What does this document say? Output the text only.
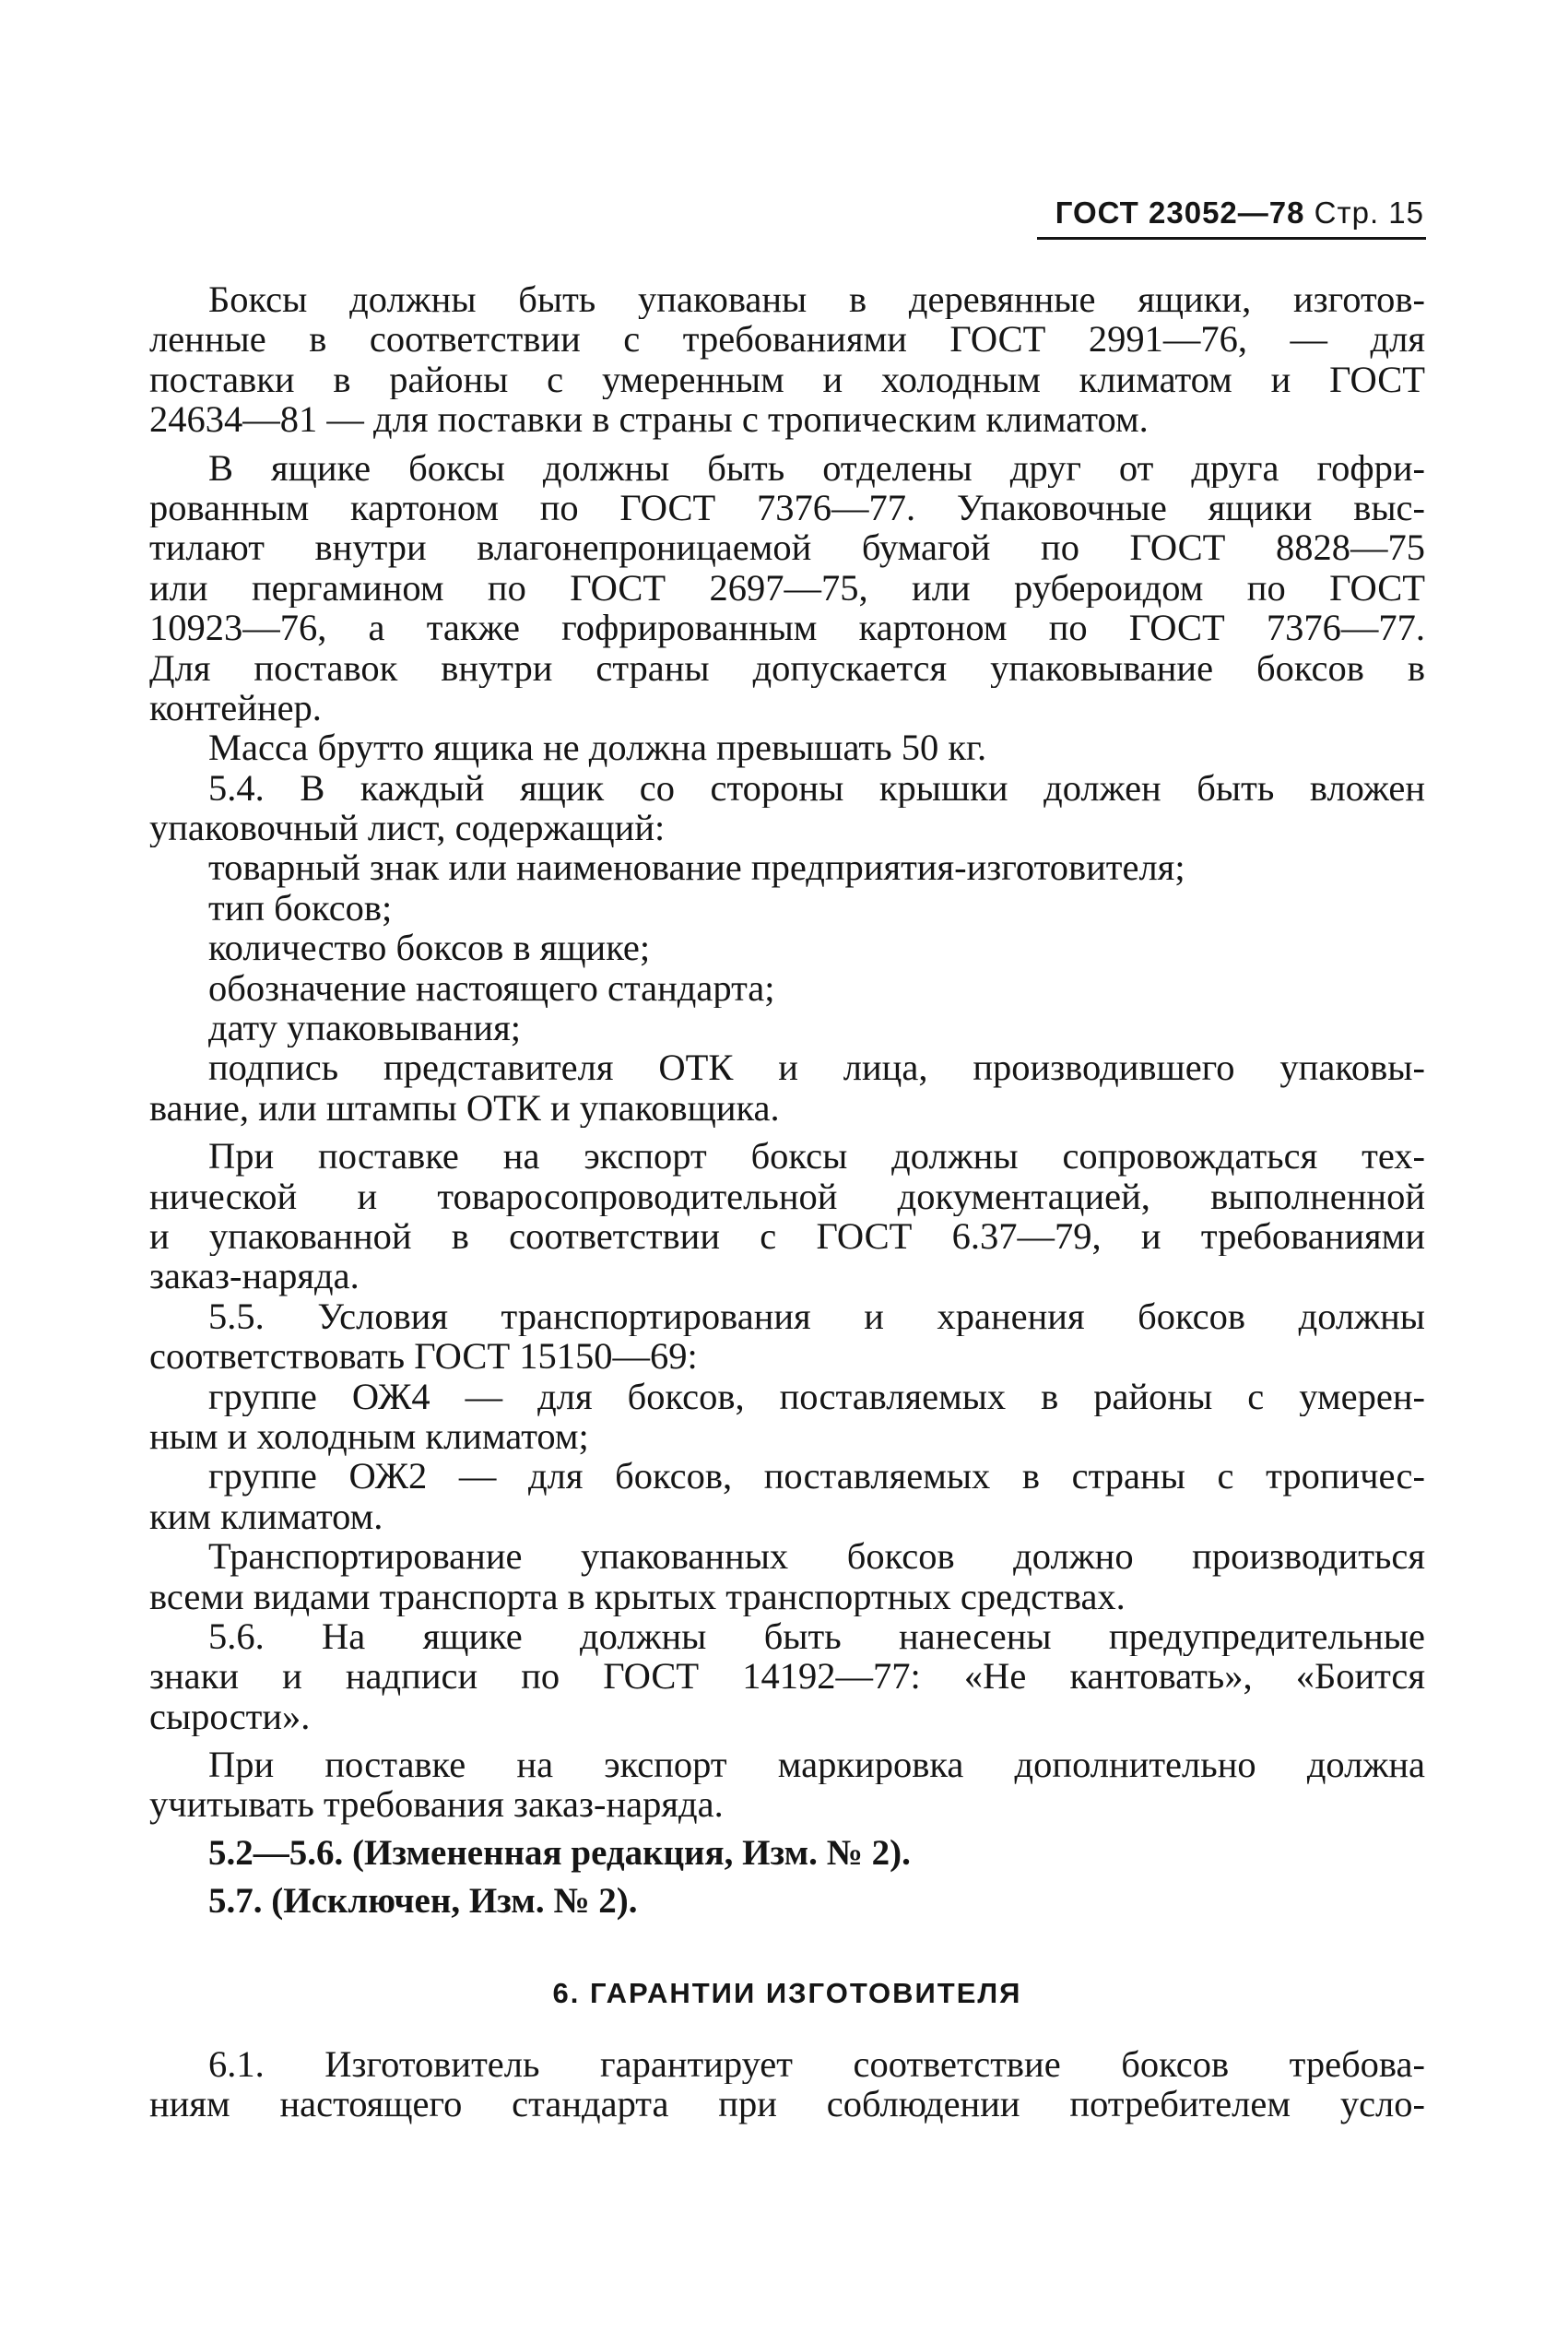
ГОСТ 23052—78 Стр. 15
Боксы должны быть упакованы в деревянные ящики, изготов-
ленные в соответствии с требованиями ГОСТ 2991—76, — для
поставки в районы с умеренным и холодным климатом и ГОСТ
24634—81 — для поставки в страны с тропическим климатом.
В ящике боксы должны быть отделены друг от друга гофри-
рованным картоном по ГОСТ 7376—77. Упаковочные ящики выс-
тилают внутри влагонепроницаемой бумагой по ГОСТ 8828—75
или пергамином по ГОСТ 2697—75, или рубероидом по ГОСТ
10923—76, а также гофрированным картоном по ГОСТ 7376—77.
Для поставок внутри страны допускается упаковывание боксов в
контейнер.
Масса брутто ящика не должна превышать 50 кг.
5.4. В каждый ящик со стороны крышки должен быть вложен
упаковочный лист, содержащий:
товарный знак или наименование предприятия-изготовителя;
тип боксов;
количество боксов в ящике;
обозначение настоящего стандарта;
дату упаковывания;
подпись представителя ОТК и лица, производившего упаковы-
вание, или штампы ОТК и упаковщика.
При поставке на экспорт боксы должны сопровождаться тех-
нической и товаросопроводительной документацией, выполненной
и упакованной в соответствии с ГОСТ 6.37—79, и требованиями
заказ-наряда.
5.5. Условия транспортирования и хранения боксов должны
соответствовать ГОСТ 15150—69:
группе ОЖ4 — для боксов, поставляемых в районы с умерен-
ным и холодным климатом;
группе ОЖ2 — для боксов, поставляемых в страны с тропичес-
ким климатом.
Транспортирование упакованных боксов должно производиться
всеми видами транспорта в крытых транспортных средствах.
5.6. На ящике должны быть нанесены предупредительные
знаки и надписи по ГОСТ 14192—77: «Не кантовать», «Боится
сырости».
При поставке на экспорт маркировка дополнительно должна
учитывать требования заказ-наряда.
5.2—5.6. (Измененная редакция, Изм. № 2).
5.7. (Исключен, Изм. № 2).
6. ГАРАНТИИ ИЗГОТОВИТЕЛЯ
6.1. Изготовитель гарантирует соответствие боксов требова-
ниям настоящего стандарта при соблюдении потребителем усло-
